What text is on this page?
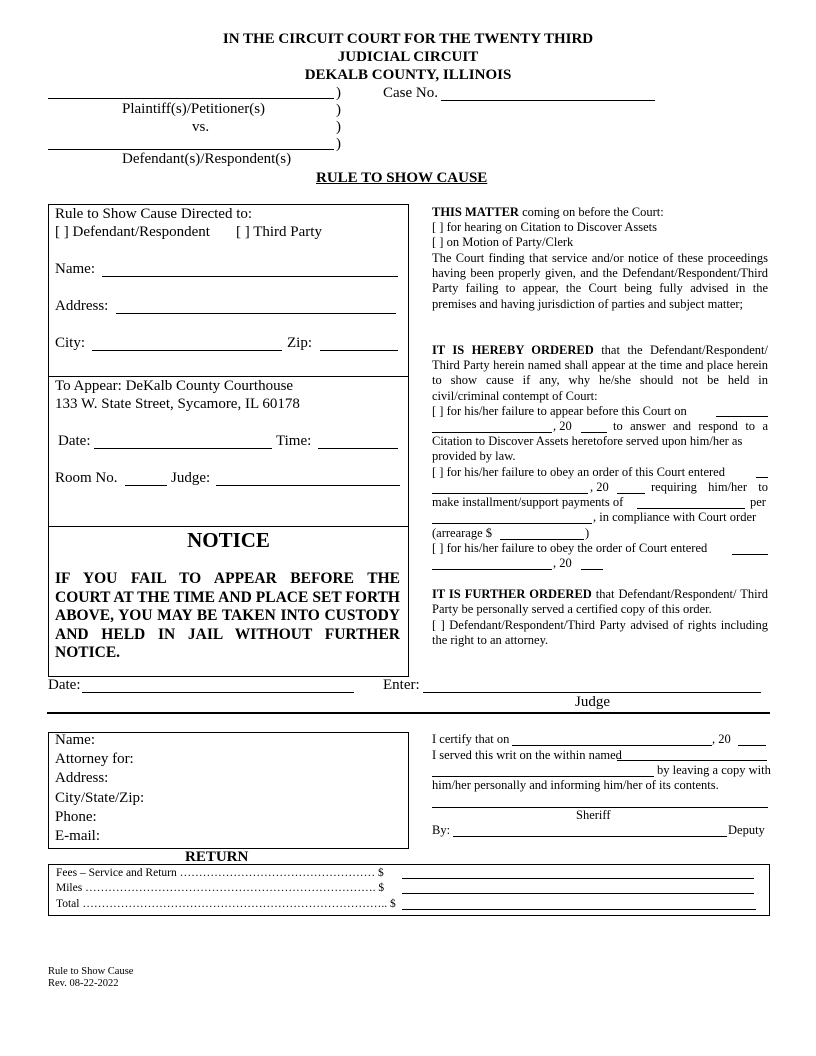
IN THE CIRCUIT COURT FOR THE TWENTY THIRD
JUDICIAL CIRCUIT
DEKALB COUNTY, ILLINOIS
)	Case No.
Plaintiff(s)/Petitioner(s)	)
vs.	)
)
Defendant(s)/Respondent(s)
RULE TO SHOW CAUSE
Rule to Show Cause Directed to:
[ ] Defendant/Respondent [ ] Third Party
Name:
Address:
City:	Zip:
To Appear: DeKalb County Courthouse
133 W. State Street, Sycamore, IL 60178
Date:	Time:
Room No.	Judge:
NOTICE
IF YOU FAIL TO APPEAR BEFORE THE COURT AT THE TIME AND PLACE SET FORTH ABOVE, YOU MAY BE TAKEN INTO CUSTODY AND HELD IN JAIL WITHOUT FURTHER NOTICE.
THIS MATTER coming on before the Court:
[ ] for hearing on Citation to Discover Assets
[ ] on Motion of Party/Clerk
The Court finding that service and/or notice of these proceedings having been properly given, and the Defendant/Respondent/Third Party failing to appear, the Court being fully advised in the premises and having jurisdiction of parties and subject matter;
IT IS HEREBY ORDERED that the Defendant/Respondent/ Third Party herein named shall appear at the time and place herein to show cause if any, why he/she should not be held in civil/criminal contempt of Court:
[ ] for his/her failure to appear before this Court on
, 20	to answer and respond to a
Citation to Discover Assets heretofore served upon him/her as provided by law.
[ ] for his/her failure to obey an order of this Court entered
, 20	requiring him/her to
make installment/support payments of	per
, in compliance with Court order
(arrearage $	)
[ ] for his/her failure to obey the order of Court entered
, 20
IT IS FURTHER ORDERED that Defendant/Respondent/ Third Party be personally served a certified copy of this order.
[ ] Defendant/Respondent/Third Party advised of rights including the right to an attorney.
Date:	Enter:
Judge
Name:
Attorney for:
Address:
City/State/Zip:
Phone:
E-mail:
I certify that on	, 20
I served this writ on the within named
by leaving a copy with
him/her personally and informing him/her of its contents.
Sheriff
By:	Deputy
RETURN
Fees – Service and Return …………………………………………… $
Miles …………………………………………………………………. $
Total …………………………………………………………………….. $
Rule to Show Cause
Rev. 08-22-2022
